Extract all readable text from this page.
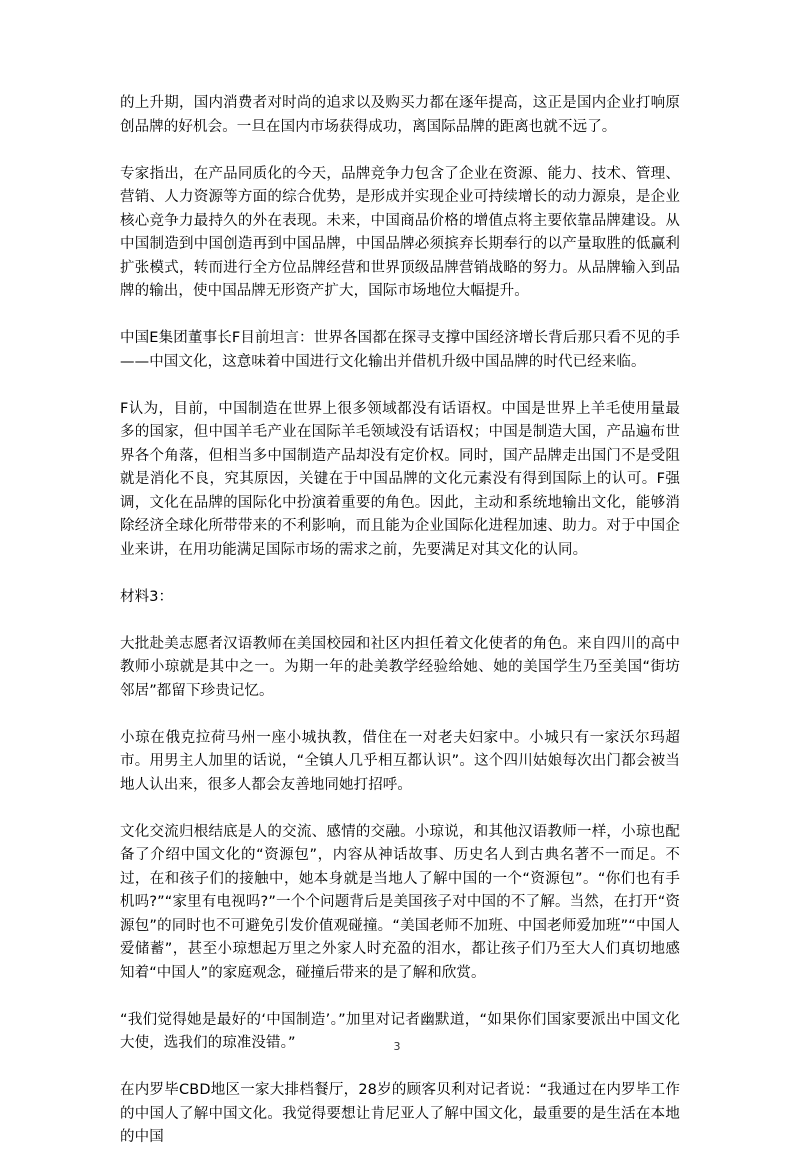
的上升期，国内消费者对时尚的追求以及购买力都在逐年提高，这正是国内企业打响原创品牌的好机会。一旦在国内市场获得成功，离国际品牌的距离也就不远了。

专家指出，在产品同质化的今天，品牌竞争力包含了企业在资源、能力、技术、管理、营销、人力资源等方面的综合优势，是形成并实现企业可持续增长的动力源泉，是企业核心竞争力最持久的外在表现。未来，中国商品价格的增值点将主要依靠品牌建设。从中国制造到中国创造再到中国品牌，中国品牌必须摈弃长期奉行的以产量取胜的低赢利扩张模式，转而进行全方位品牌经营和世界顶级品牌营销战略的努力。从品牌输入到品牌的输出，使中国品牌无形资产扩大，国际市场地位大幅提升。

中国E集团董事长F目前坦言：世界各国都在探寻支撑中国经济增长背后那只看不见的手——中国文化，这意味着中国进行文化输出并借机升级中国品牌的时代已经来临。

F认为，目前，中国制造在世界上很多领域都没有话语权。中国是世界上羊毛使用量最多的国家，但中国羊毛产业在国际羊毛领域没有话语权；中国是制造大国，产品遍布世界各个角落，但相当多中国制造产品却没有定价权。同时，国产品牌走出国门不是受阻就是消化不良，究其原因，关键在于中国品牌的文化元素没有得到国际上的认可。F强调，文化在品牌的国际化中扮演着重要的角色。因此，主动和系统地输出文化，能够消除经济全球化所带带来的不利影响，而且能为企业国际化进程加速、助力。对于中国企业来讲，在用功能满足国际市场的需求之前，先要满足对其文化的认同。

材料3：

大批赴美志愿者汉语教师在美国校园和社区内担任着文化使者的角色。来自四川的高中教师小琼就是其中之一。为期一年的赴美教学经验给她、她的美国学生乃至美国“街坊邻居”都留下珍贵记忆。

小琼在俄克拉荷马州一座小城执教，借住在一对老夫妇家中。小城只有一家沃尔玛超市。用男主人加里的话说，“全镇人几乎相互都认识”。这个四川姑娘每次出门都会被当地人认出来，很多人都会友善地同她打招呼。

文化交流归根结底是人的交流、感情的交融。小琼说，和其他汉语教师一样，小琼也配备了介绍中国文化的“资源包”，内容从神话故事、历史名人到古典名著不一而足。不过，在和孩子们的接触中，她本身就是当地人了解中国的一个“资源包”。“你们也有手机吗?”“家里有电视吗?”一个个问题背后是美国孩子对中国的不了解。当然，在打开“资源包”的同时也不可避免引发价值观碰撞。“美国老师不加班、中国老师爱加班”“中国人爱储蓄”，甚至小琼想起万里之外家人时充盈的泪水，都让孩子们乃至大人们真切地感知着“中国人”的家庭观念，碰撞后带来的是了解和欣赏。

“我们觉得她是最好的‘中国制造’。”加里对记者幽默道，“如果你们国家要派出中国文化大使，选我们的琼准没错。”

在内罗毕CBD地区一家大排档餐厅，28岁的顾客贝利对记者说：“我通过在内罗毕工作的中国人了解中国文化。我觉得要想让肯尼亚人了解中国文化，最重要的是生活在本地的中国

3
